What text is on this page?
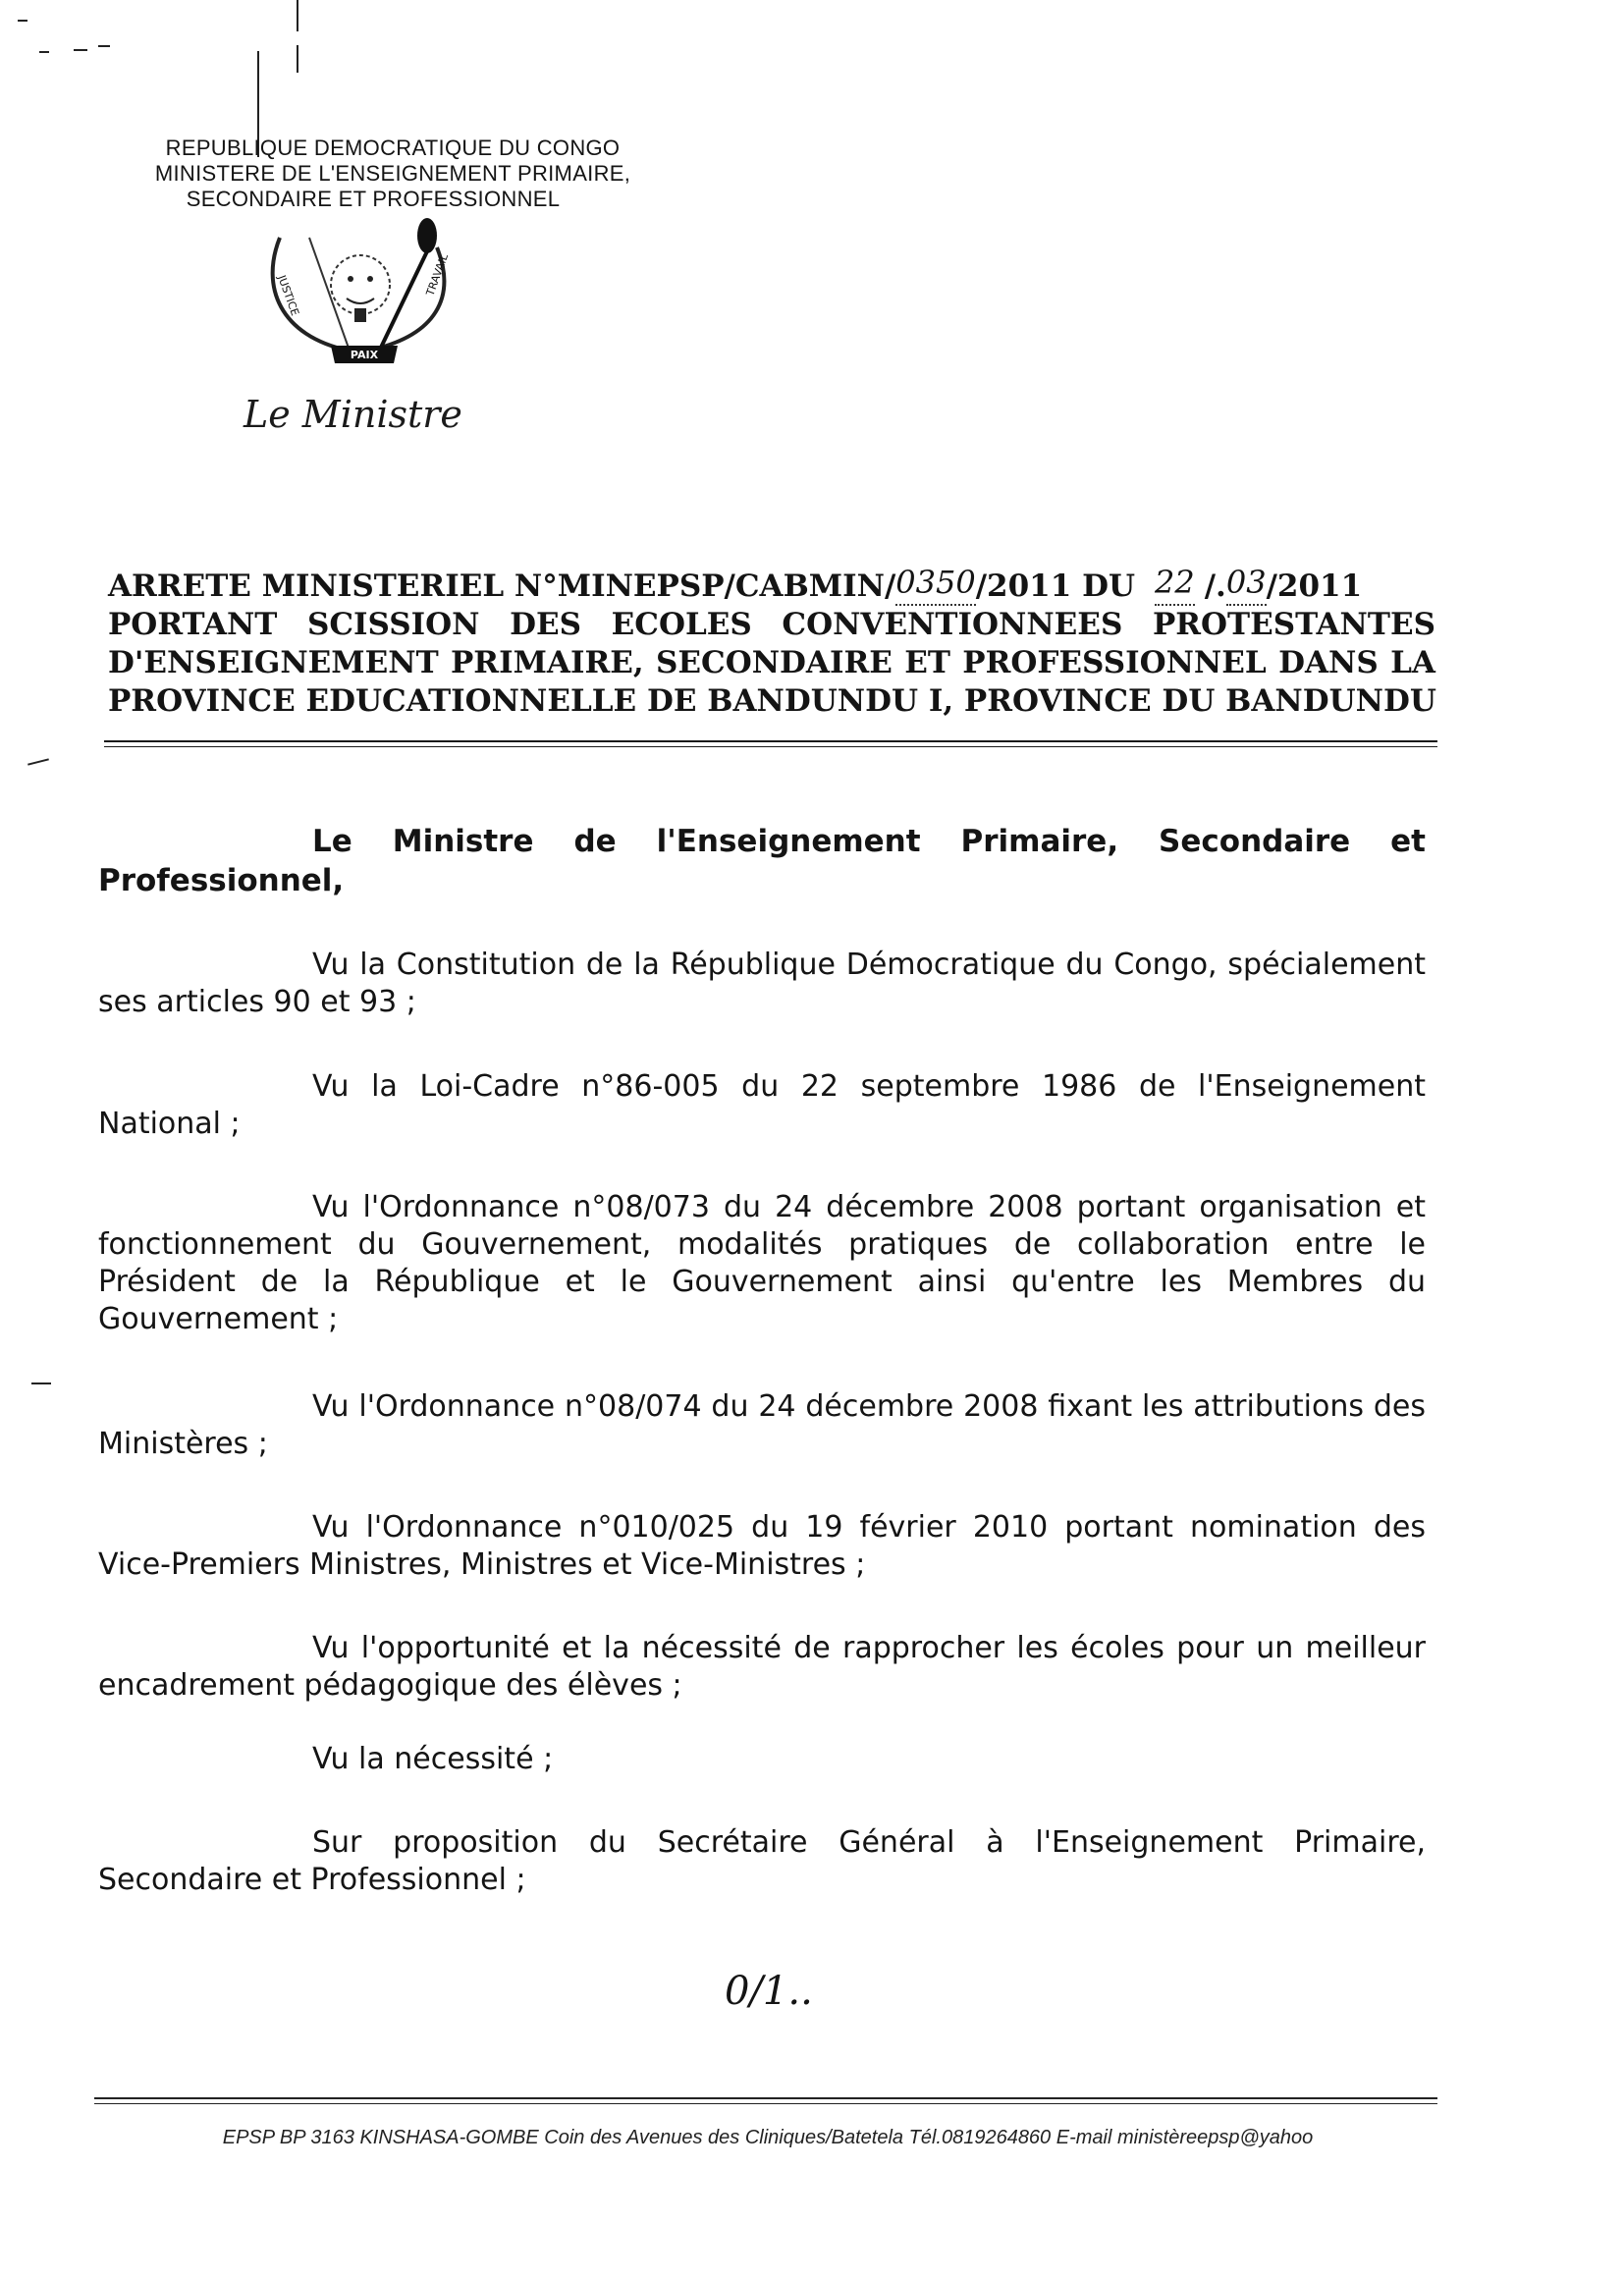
REPUBLIQUE DEMOCRATIQUE DU CONGO
MINISTERE DE L'ENSEIGNEMENT PRIMAIRE,
SECONDAIRE ET PROFESSIONNEL
PAIX
JUSTICE	TRAVAIL
Le Ministre
ARRETE MINISTERIEL N°MINEPSP/CABMIN/ 0350 /2011 DU 22 /. 03 /2011
PORTANT SCISSION DES ECOLES CONVENTIONNEES PROTESTANTES
D'ENSEIGNEMENT PRIMAIRE, SECONDAIRE ET PROFESSIONNEL DANS LA
PROVINCE EDUCATIONNELLE DE BANDUNDU I, PROVINCE DU BANDUNDU
Le Ministre de l'Enseignement Primaire, Secondaire et Professionnel,
Vu la Constitution de la République Démocratique du Congo, spécialement ses articles 90 et 93 ;
Vu la Loi-Cadre n°86-005 du 22 septembre 1986 de l'Enseignement National ;
Vu l'Ordonnance n°08/073 du 24 décembre 2008 portant organisation et fonctionnement du Gouvernement, modalités pratiques de collaboration entre le Président de la République et le Gouvernement ainsi qu'entre les Membres du Gouvernement ;
Vu l'Ordonnance n°08/074 du 24 décembre 2008 fixant les attributions des Ministères ;
Vu l'Ordonnance n°010/025 du 19 février 2010 portant nomination des Vice-Premiers Ministres, Ministres et Vice-Ministres ;
Vu l'opportunité et la nécessité de rapprocher les écoles pour un meilleur encadrement pédagogique des élèves ;
Vu la nécessité ;
Sur proposition du Secrétaire Général à l'Enseignement Primaire, Secondaire et Professionnel ;
0/1..
EPSP BP 3163 KINSHASA-GOMBE Coin des Avenues des Cliniques/Batetela Tél.0819264860 E-mail ministèreepsp@yahoo
